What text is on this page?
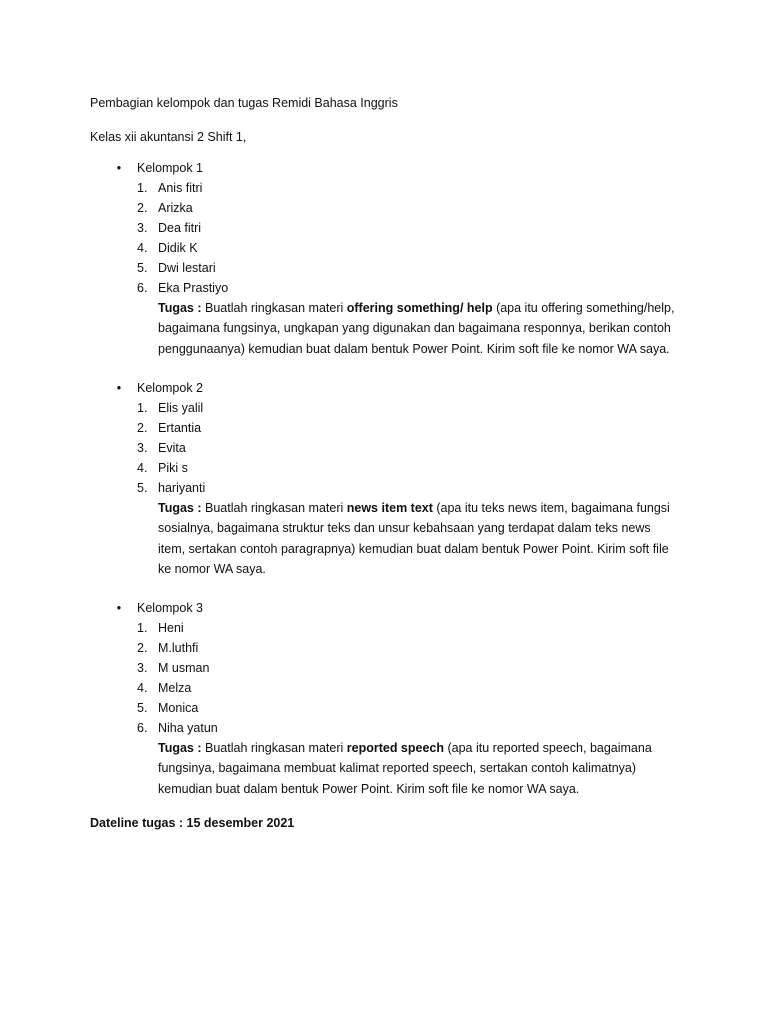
Pembagian kelompok dan tugas Remidi Bahasa Inggris
Kelas xii akuntansi 2 Shift 1,
• Kelompok 1
1. Anis fitri
2. Arizka
3. Dea fitri
4. Didik K
5. Dwi lestari
6. Eka Prastiyo
Tugas : Buatlah ringkasan materi offering something/ help (apa itu offering something/help, bagaimana fungsinya, ungkapan yang digunakan dan bagaimana responnya, berikan contoh penggunaanya) kemudian buat dalam bentuk Power Point. Kirim soft file ke nomor WA saya.
• Kelompok 2
1. Elis yalil
2. Ertantia
3. Evita
4. Piki s
5. hariyanti
Tugas : Buatlah ringkasan materi news item text (apa itu teks news item, bagaimana fungsi sosialnya, bagaimana struktur teks dan unsur kebahsaan yang terdapat dalam teks news item, sertakan contoh paragrapnya) kemudian buat dalam bentuk Power Point. Kirim soft file ke nomor WA saya.
• Kelompok 3
1. Heni
2. M.luthfi
3. M usman
4. Melza
5. Monica
6. Niha yatun
Tugas : Buatlah ringkasan materi reported speech (apa itu reported speech, bagaimana fungsinya, bagaimana membuat kalimat reported speech, sertakan contoh kalimatnya) kemudian buat dalam bentuk Power Point. Kirim soft file ke nomor WA saya.
Dateline tugas : 15 desember 2021
